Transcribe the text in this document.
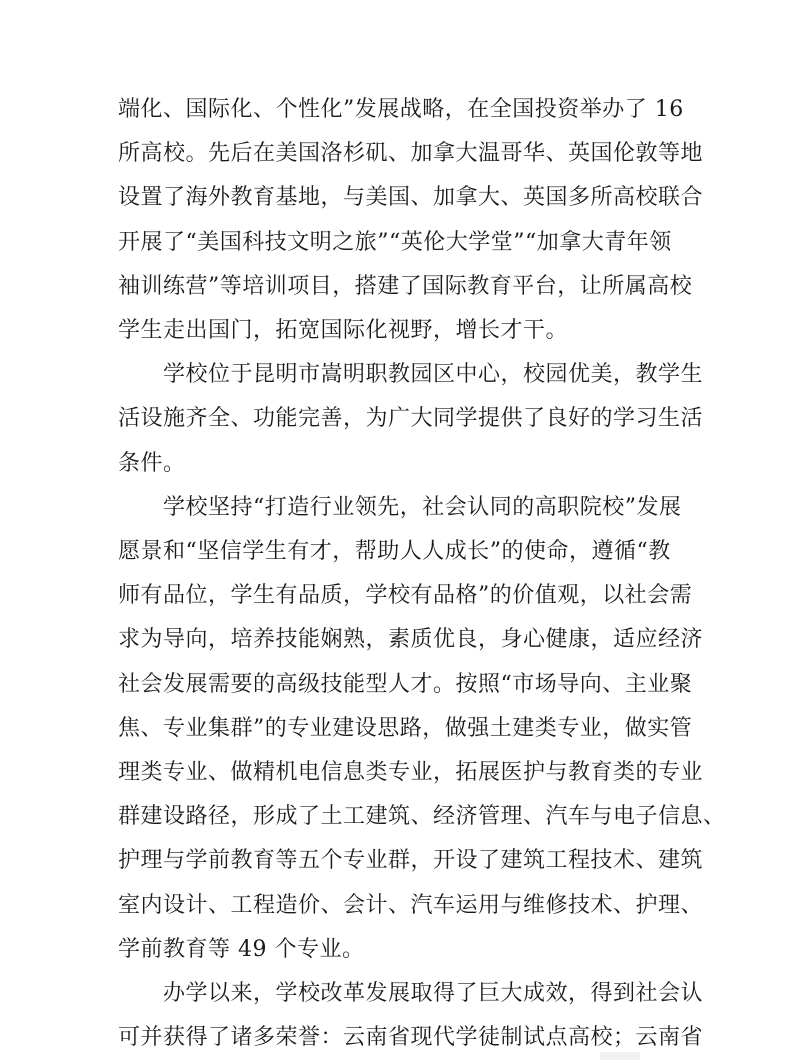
端化、国际化、个性化”发展战略，在全国投资举办了 16
所高校。先后在美国洛杉矶、加拿大温哥华、英国伦敦等地
设置了海外教育基地，与美国、加拿大、英国多所高校联合
开展了“美国科技文明之旅”“英伦大学堂”“加拿大青年领
袖训练营”等培训项目，搭建了国际教育平台，让所属高校
学生走出国门，拓宽国际化视野，增长才干。
学校位于昆明市嵩明职教园区中心，校园优美，教学生
活设施齐全、功能完善，为广大同学提供了良好的学习生活
条件。
学校坚持“打造行业领先，社会认同的高职院校”发展
愿景和“坚信学生有才，帮助人人成长”的使命，遵循“教
师有品位，学生有品质，学校有品格”的价值观，以社会需
求为导向，培养技能娴熟，素质优良，身心健康，适应经济
社会发展需要的高级技能型人才。按照“市场导向、主业聚
焦、专业集群”的专业建设思路，做强土建类专业，做实管
理类专业、做精机电信息类专业，拓展医护与教育类的专业
群建设路径，形成了土工建筑、经济管理、汽车与电子信息、
护理与学前教育等五个专业群，开设了建筑工程技术、建筑
室内设计、工程造价、会计、汽车运用与维修技术、护理、
学前教育等 49 个专业。
办学以来，学校改革发展取得了巨大成效，得到社会认
可并获得了诸多荣誉：云南省现代学徒制试点高校；云南省
